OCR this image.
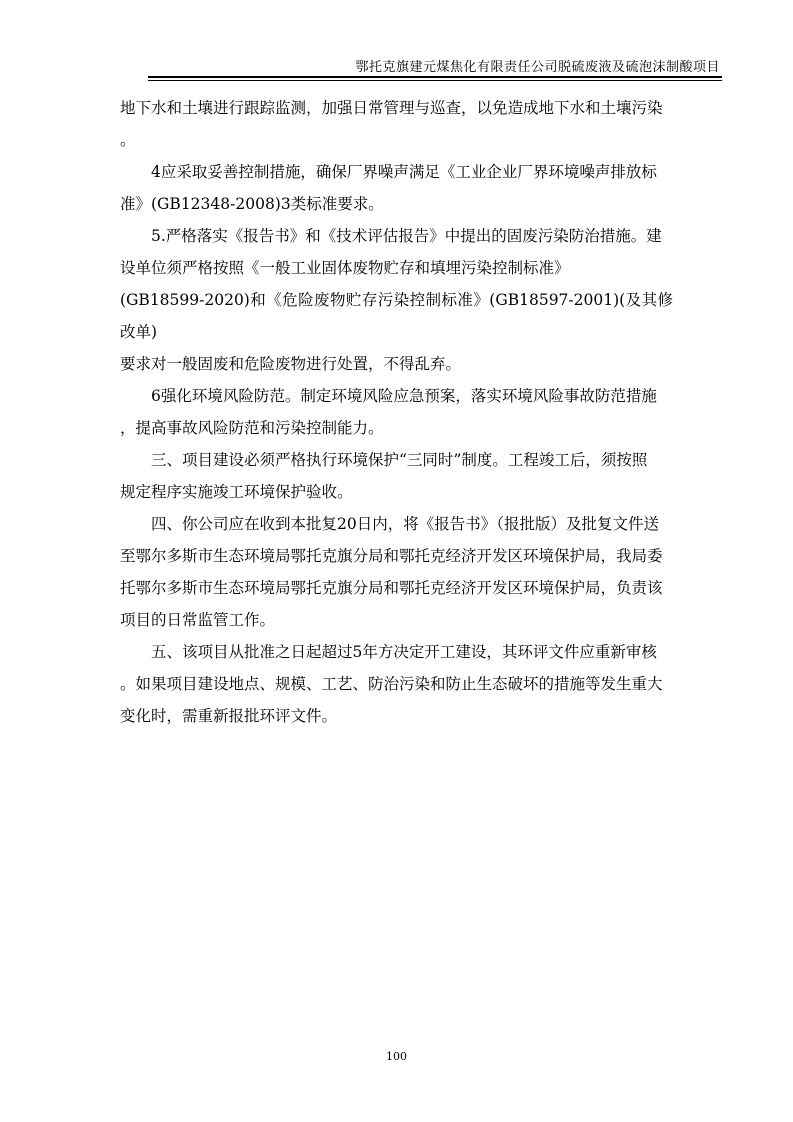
鄂托克旗建元煤焦化有限责任公司脱硫废液及硫泡沫制酸项目

地下水和土壤进行跟踪监测，加强日常管理与巡查，以免造成地下水和土壤污染
。

4应采取妥善控制措施，确保厂界噪声满足《工业企业厂界环境噪声排放标
准》(GB12348-2008)3类标准要求。

5.严格落实《报告书》和《技术评估报告》中提出的固废污染防治措施。建
设单位须严格按照《一般工业固体废物贮存和填埋污染控制标准》
(GB18599-2020)和《危险废物贮存污染控制标准》(GB18597-2001)(及其修改单)
要求对一般固废和危险废物进行处置，不得乱弃。

6强化环境风险防范。制定环境风险应急预案，落实环境风险事故防范措施
，提高事故风险防范和污染控制能力。

三、项目建设必须严格执行环境保护“三同时”制度。工程竣工后，须按照
规定程序实施竣工环境保护验收。

四、你公司应在收到本批复20日内，将《报告书》（报批版）及批复文件送
至鄂尔多斯市生态环境局鄂托克旗分局和鄂托克经济开发区环境保护局，我局委
托鄂尔多斯市生态环境局鄂托克旗分局和鄂托克经济开发区环境保护局，负责该
项目的日常监管工作。

五、该项目从批准之日起超过5年方决定开工建设，其环评文件应重新审核
。如果项目建设地点、规模、工艺、防治污染和防止生态破坏的措施等发生重大
变化时，需重新报批环评文件。

100
